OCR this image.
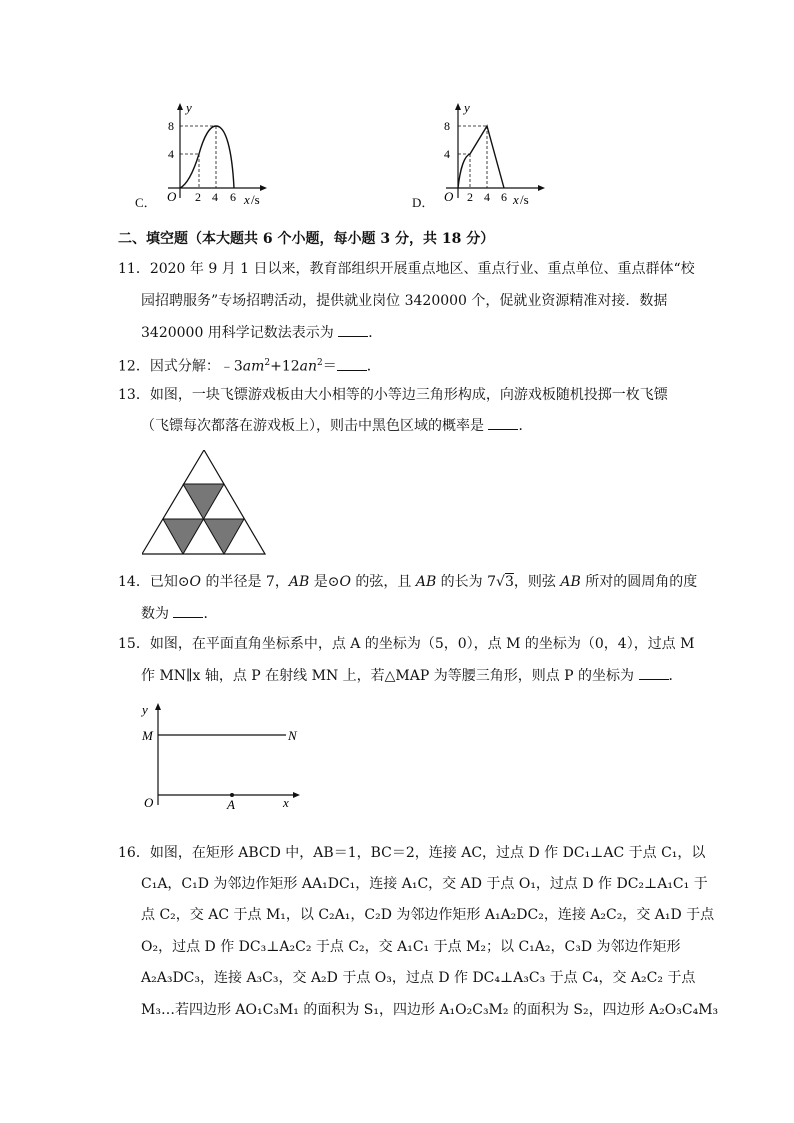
C．
y
8
4
O 2 4 6 x /s	D．
y
8
4
O 2 4 6 x /s
二、填空题（本大题共 6 个小题，每小题 3 分，共 18 分）
11．2020 年 9 月 1 日以来，教育部组织开展重点地区、重点行业、重点单位、重点群体“校
园招聘服务”专场招聘活动，提供就业岗位 3420000 个，促就业资源精准对接．数据
3420000 用科学记数法表示为 ．
12．因式分解：$﹣3am^2+12an^2=$ ．
13．如图，一块飞镖游戏板由大小相等的小等边三角形构成，向游戏板随机投掷一枚飞镖
（飞镖每次都落在游戏板上），则击中黑色区域的概率是 ．
14．已知⊙O 的半径是 7，AB 是⊙O 的弦，且 AB 的长为 7√3，则弦 AB 所对的圆周角的度
数为 ．
15．如图，在平面直角坐标系中，点 A 的坐标为（5，0），点 M 的坐标为（0，4），过点 M
作 MN∥x 轴，点 P 在射线 MN 上，若△MAP 为等腰三角形，则点 P 的坐标为 ．
y
M	N
O	A	x
16．如图，在矩形 ABCD 中，AB＝1，BC＝2，连接 AC，过点 D 作 DC₁⊥AC 于点 C₁，以
C₁A，C₁D 为邻边作矩形 AA₁DC₁，连接 A₁C，交 AD 于点 O₁，过点 D 作 DC₂⊥A₁C₁ 于
点 C₂，交 AC 于点 M₁，以 C₂A₁，C₂D 为邻边作矩形 A₁A₂DC₂，连接 A₂C₂，交 A₁D 于点
O₂，过点 D 作 DC₃⊥A₂C₂ 于点 C₂，交 A₁C₁ 于点 M₂；以 C₁A₂，C₃D 为邻边作矩形
A₂A₃DC₃，连接 A₃C₃，交 A₂D 于点 O₃，过点 D 作 DC₄⊥A₃C₃ 于点 C₄，交 A₂C₂ 于点
M₃…若四边形 AO₁C₃M₁ 的面积为 S₁，四边形 A₁O₂C₃M₂ 的面积为 S₂，四边形 A₂O₃C₄M₃
